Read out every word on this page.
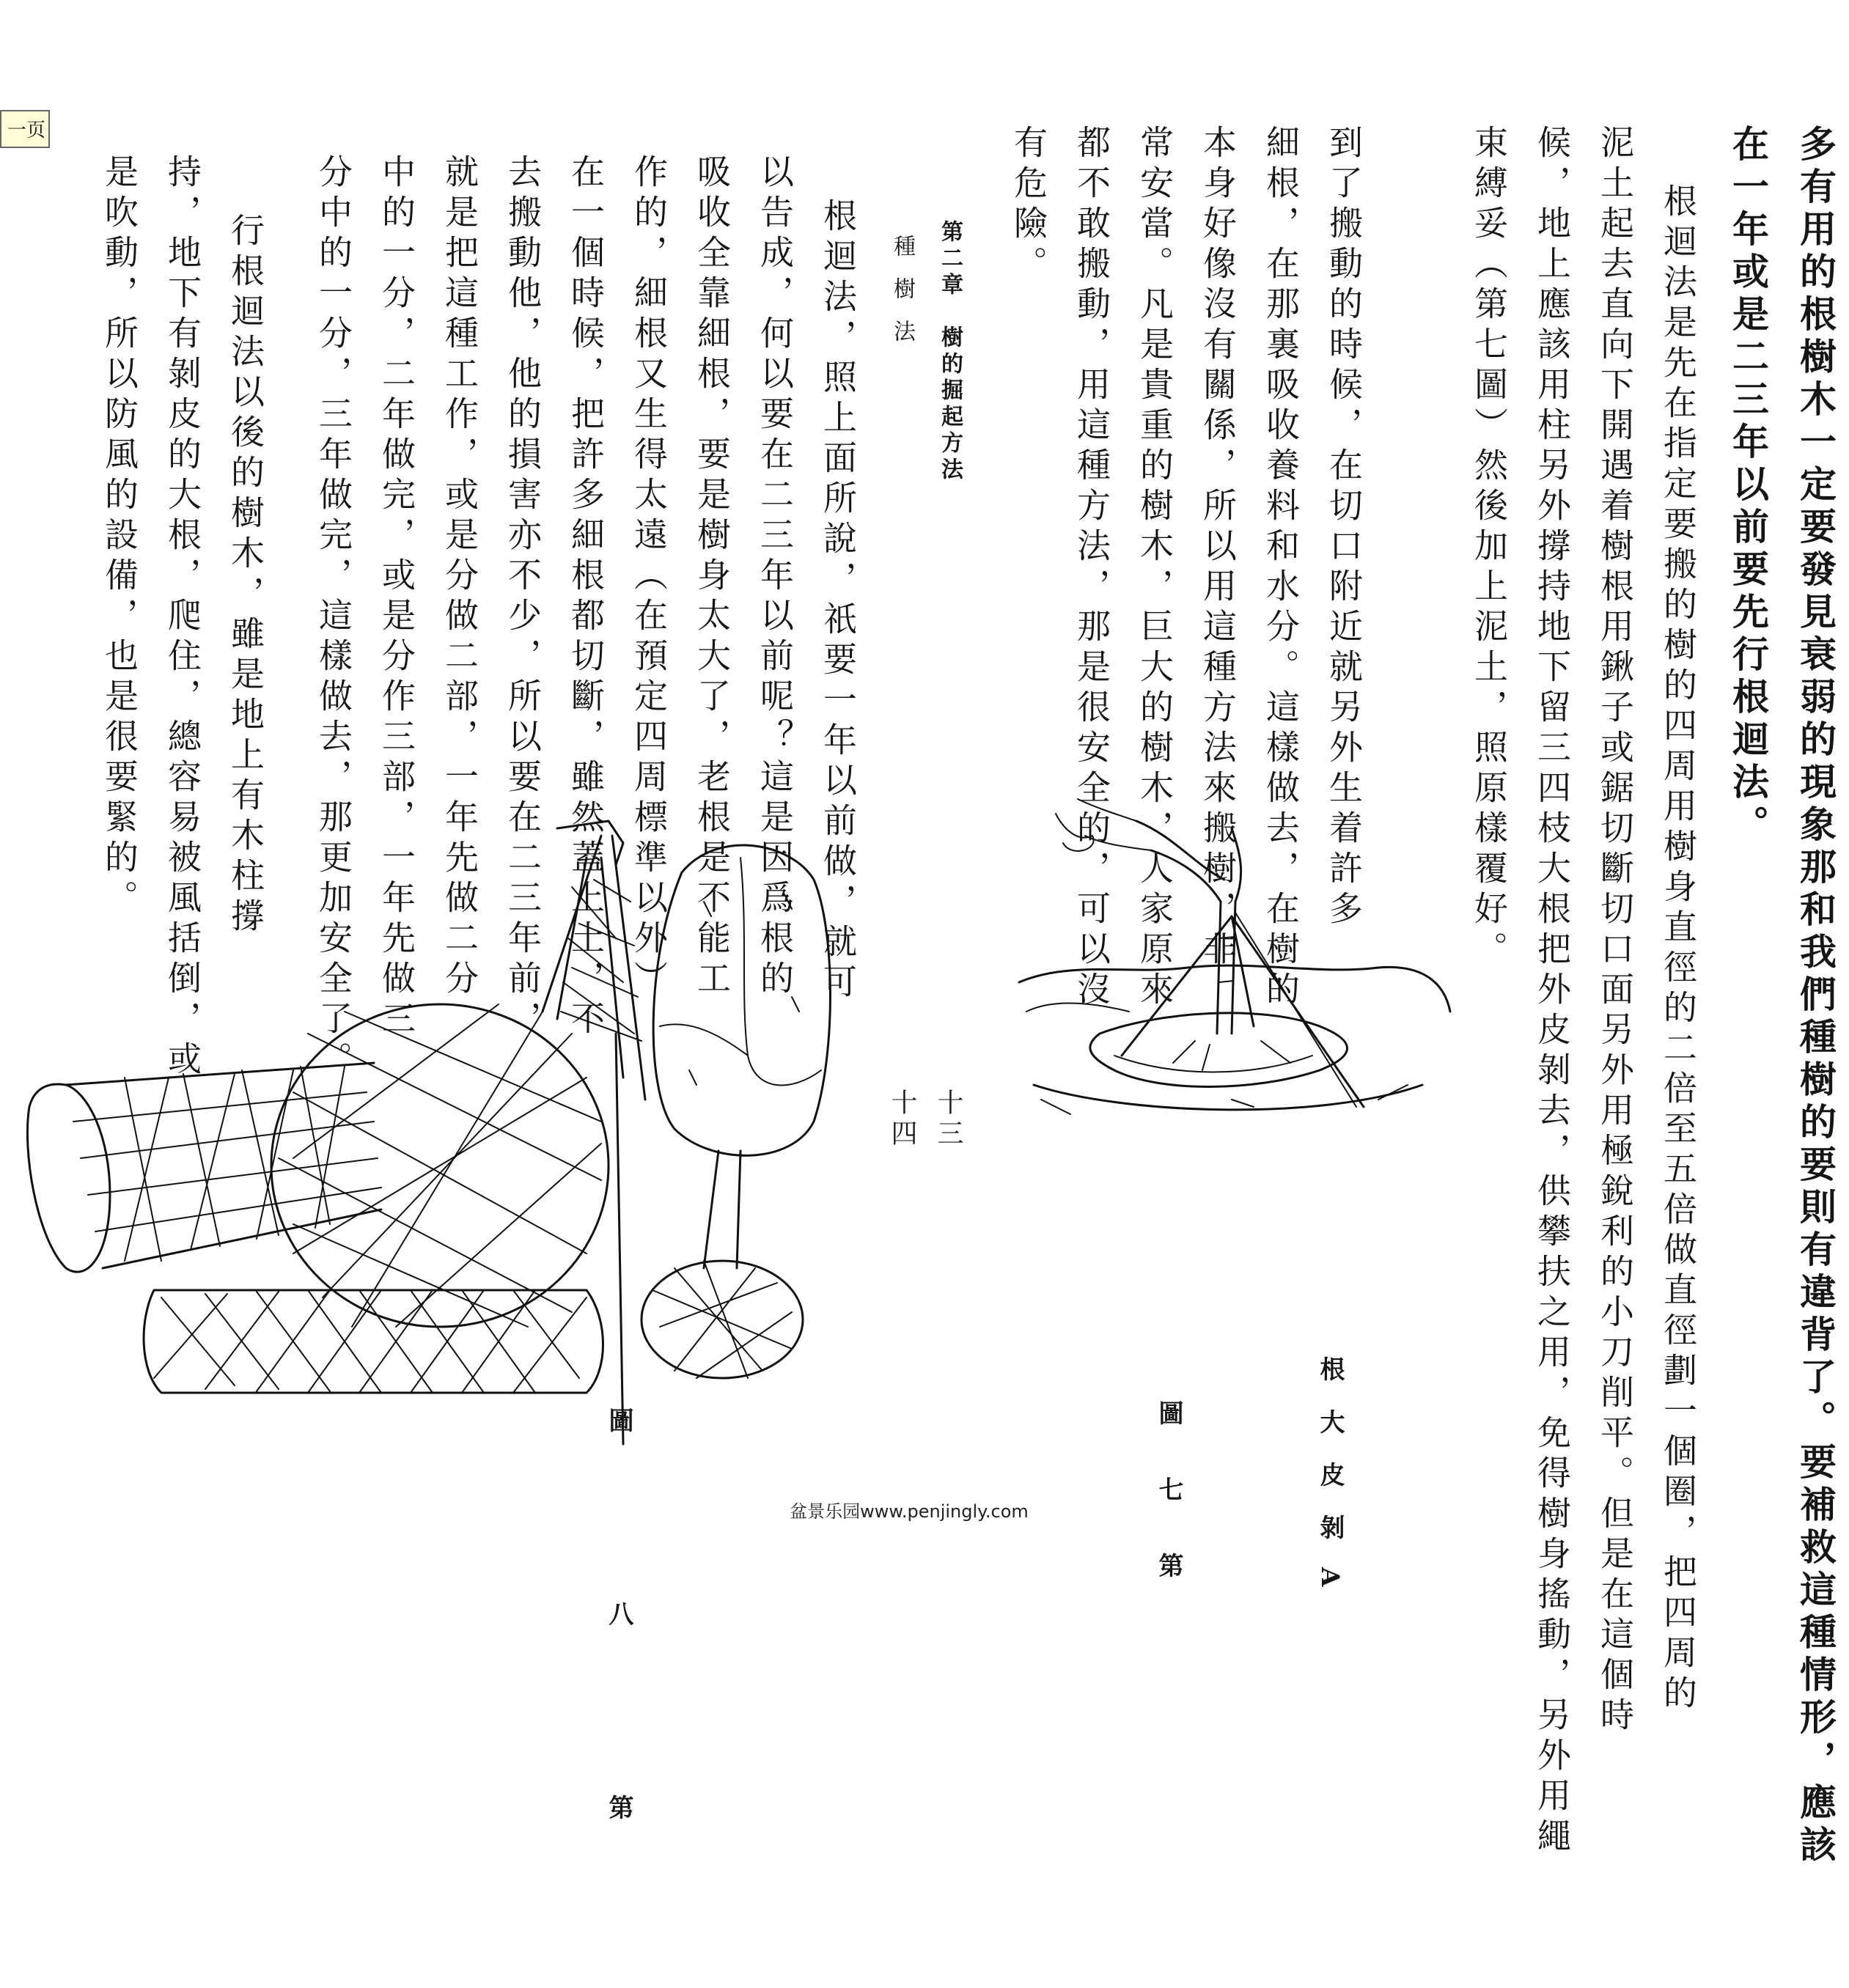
一页	多有用的根樹木一定要發見衰弱的現象那和我們種樹的要則有違背了。要補救這種情形，應該
在一年或是二三年以前要先行根迴法。
根迴法是先在指定要搬的樹的四周用樹身直徑的二倍至五倍做直徑劃一個圈，把四周的
泥土起去直向下開遇着樹根用鍬子或鋸切斷切口面另外用極銳利的小刀削平。但是在這個時
候，地上應該用柱另外撐持地下留三四枝大根把外皮剝去，供攀扶之用，免得樹身搖動，另外用繩
束縛妥（第七圖）然後加上泥土，照原樣覆好。
到了搬動的時候，在切口附近就另外生着許多
細根，在那裏吸收養料和水分。這樣做去，在樹的
本身好像沒有關係，所以用這種方法來搬樹，非
常安當。凡是貴重的樹木，巨大的樹木，人家原來
都不敢搬動，用這種方法，那是很安全的，可以沒
有危險。
根大皮剝A
圖七第
第二章　樹的掘起方法
種樹法
十三
十四
根迴法，照上面所說，祇要一年以前做，就可
以告成，何以要在二三年以前呢？這是因爲根的
吸收全靠細根，要是樹身太大了，老根是不能工
作的，細根又生得太遠（在預定四周標準以外）
在一個時候，把許多細根都切斷，雖然蓋上土，不
去搬動他，他的損害亦不少，所以要在二三年前，
就是把這種工作，或是分做二部，一年先做二分
中的一分，二年做完，或是分作三部，一年先做三
分中的一分，三年做完，這樣做去，那更加安全了。
行根迴法以後的樹木，雖是地上有木柱撐
持，地下有剝皮的大根，爬住，總容易被風括倒，或
是吹動，所以防風的設備，也是很要緊的。
圖八第	盆景乐园www.penjingly.com
